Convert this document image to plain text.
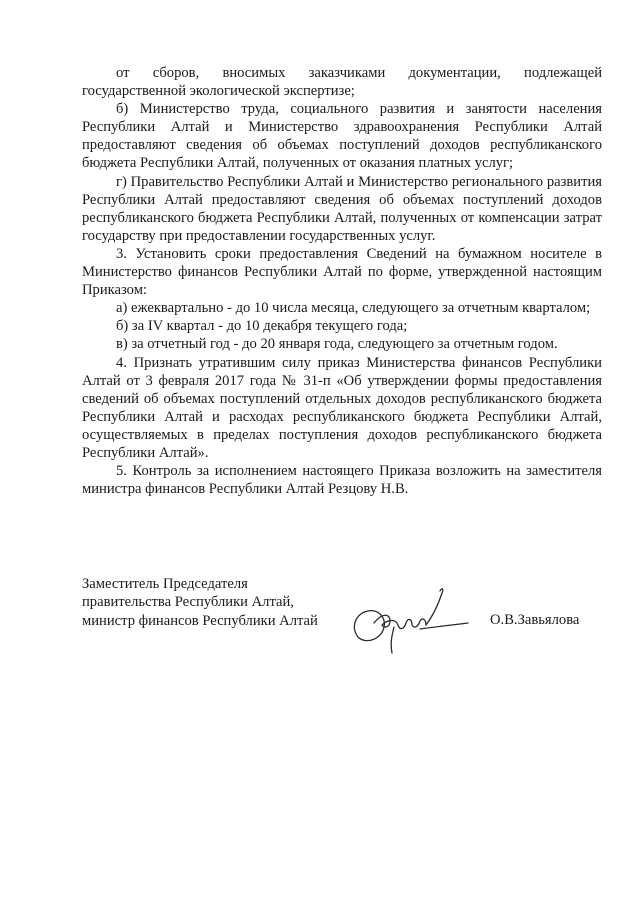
от сборов, вносимых заказчиками документации, подлежащей государственной экологической экспертизе;

б) Министерство труда, социального развития и занятости населения Республики Алтай и Министерство здравоохранения Республики Алтай предоставляют сведения об объемах поступлений доходов республиканского бюджета Республики Алтай, полученных от оказания платных услуг;

г) Правительство Республики Алтай и Министерство регионального развития Республики Алтай предоставляют сведения об объемах поступлений доходов республиканского бюджета Республики Алтай, полученных от компенсации затрат государству при предоставлении государственных услуг.

3. Установить сроки предоставления Сведений на бумажном носителе в Министерство финансов Республики Алтай по форме, утвержденной настоящим Приказом:

а) ежеквартально - до 10 числа месяца, следующего за отчетным кварталом;

б) за IV квартал - до 10 декабря текущего года;

в) за отчетный год - до 20 января года, следующего за отчетным годом.

4. Признать утратившим силу приказ Министерства финансов Республики Алтай от 3 февраля 2017 года № 31-п «Об утверждении формы предоставления сведений об объемах поступлений отдельных доходов республиканского бюджета Республики Алтай и расходах республиканского бюджета Республики Алтай, осуществляемых в пределах поступления доходов республиканского бюджета Республики Алтай».

5. Контроль за исполнением настоящего Приказа возложить на заместителя министра финансов Республики Алтай Резцову Н.В.

Заместитель Председателя
правительства Республики Алтай,
министр финансов Республики Алтай	О.В.Завьялова
